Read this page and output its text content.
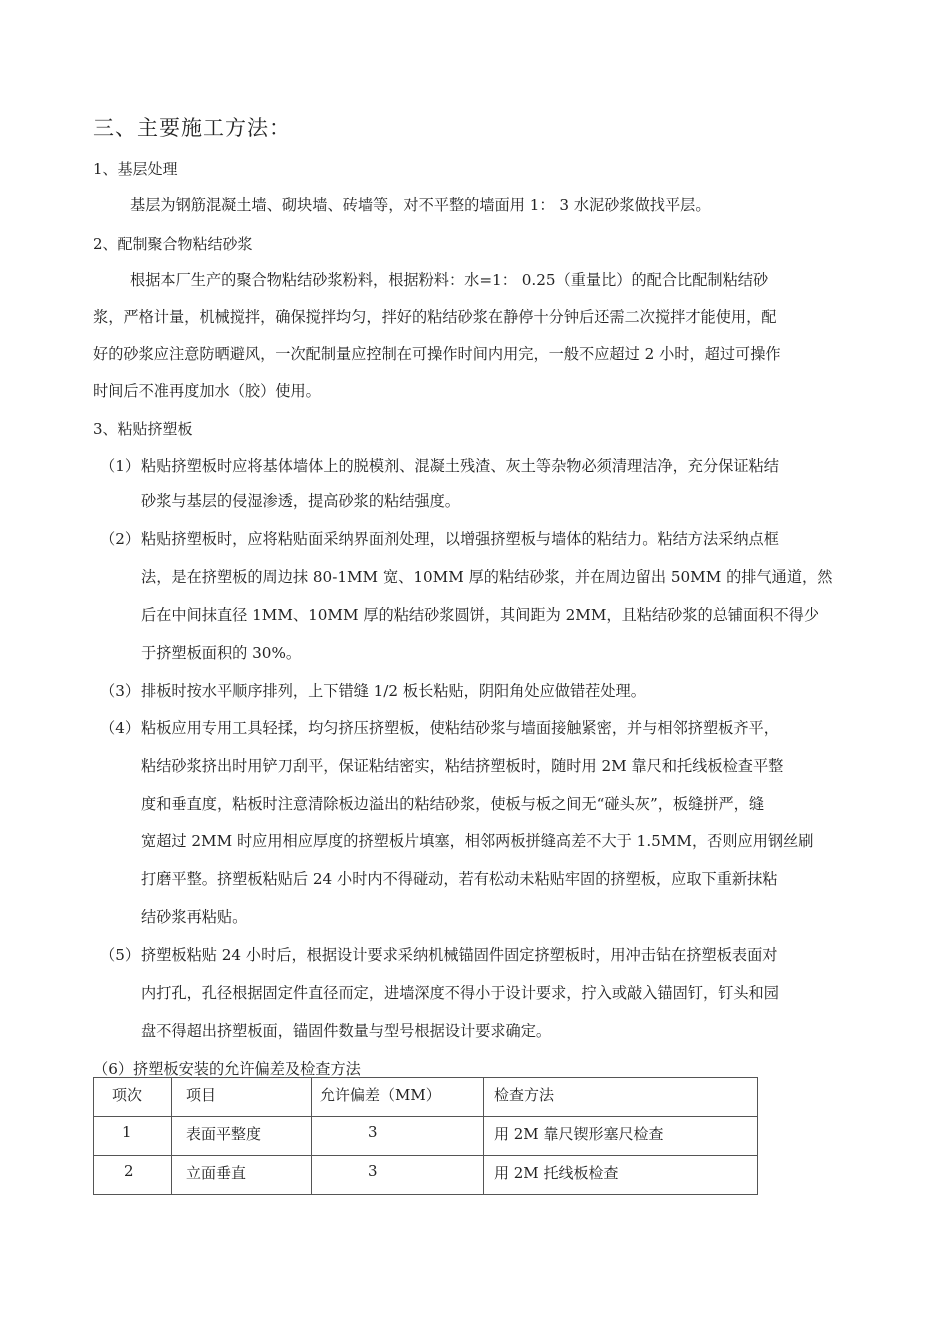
三、主要施工方法：
1、基层处理
基层为钢筋混凝土墙、砌块墙、砖墙等，对不平整的墙面用 1： 3 水泥砂浆做找平层。
2、配制聚合物粘结砂浆
根据本厂生产的聚合物粘结砂浆粉料，根据粉料：水=1： 0.25（重量比）的配合比配制粘结砂
浆，严格计量，机械搅拌，确保搅拌均匀，拌好的粘结砂浆在静停十分钟后还需二次搅拌才能使用，配
好的砂浆应注意防晒避风，一次配制量应控制在可操作时间内用完，一般不应超过 2 小时，超过可操作
时间后不准再度加水（胶）使用。
3、粘贴挤塑板
（1） 粘贴挤塑板时应将基体墙体上的脱模剂、混凝土残渣、灰土等杂物必须清理洁净，充分保证粘结
砂浆与基层的侵湿渗透，提高砂浆的粘结强度。
（2） 粘贴挤塑板时，应将粘贴面采纳界面剂处理，以增强挤塑板与墙体的粘结力。粘结方法采纳点框
法，是在挤塑板的周边抹 80-1MM 宽、10MM 厚的粘结砂浆，并在周边留出 50MM 的排气通道，然
后在中间抹直径 1MM、10MM 厚的粘结砂浆圆饼，其间距为 2MM，且粘结砂浆的总铺面积不得少
于挤塑板面积的 30%。
（3） 排板时按水平顺序排列，上下错缝 1/2 板长粘贴，阴阳角处应做错茬处理。
（4） 粘板应用专用工具轻揉，均匀挤压挤塑板，使粘结砂浆与墙面接触紧密，并与相邻挤塑板齐平，
粘结砂浆挤出时用铲刀刮平，保证粘结密实，粘结挤塑板时，随时用 2M 靠尺和托线板检查平整
度和垂直度，粘板时注意清除板边溢出的粘结砂浆，使板与板之间无“碰头灰”，板缝拼严，缝
宽超过 2MM 时应用相应厚度的挤塑板片填塞，相邻两板拼缝高差不大于 1.5MM，否则应用钢丝刷
打磨平整。挤塑板粘贴后 24 小时内不得碰动，若有松动未粘贴牢固的挤塑板，应取下重新抹粘
结砂浆再粘贴。
（5） 挤塑板粘贴 24 小时后，根据设计要求采纳机械锚固件固定挤塑板时，用冲击钻在挤塑板表面对
内打孔，孔径根据固定件直径而定，进墙深度不得小于设计要求，拧入或敲入锚固钉，钉头和园
盘不得超出挤塑板面，锚固件数量与型号根据设计要求确定。
（6）挤塑板安装的允许偏差及检查方法
项次	项目	允许偏差（MM）	检查方法

1	表面平整度	3	用 2M 靠尺锲形塞尺检查

2	立面垂直	3	用 2M 托线板检查
